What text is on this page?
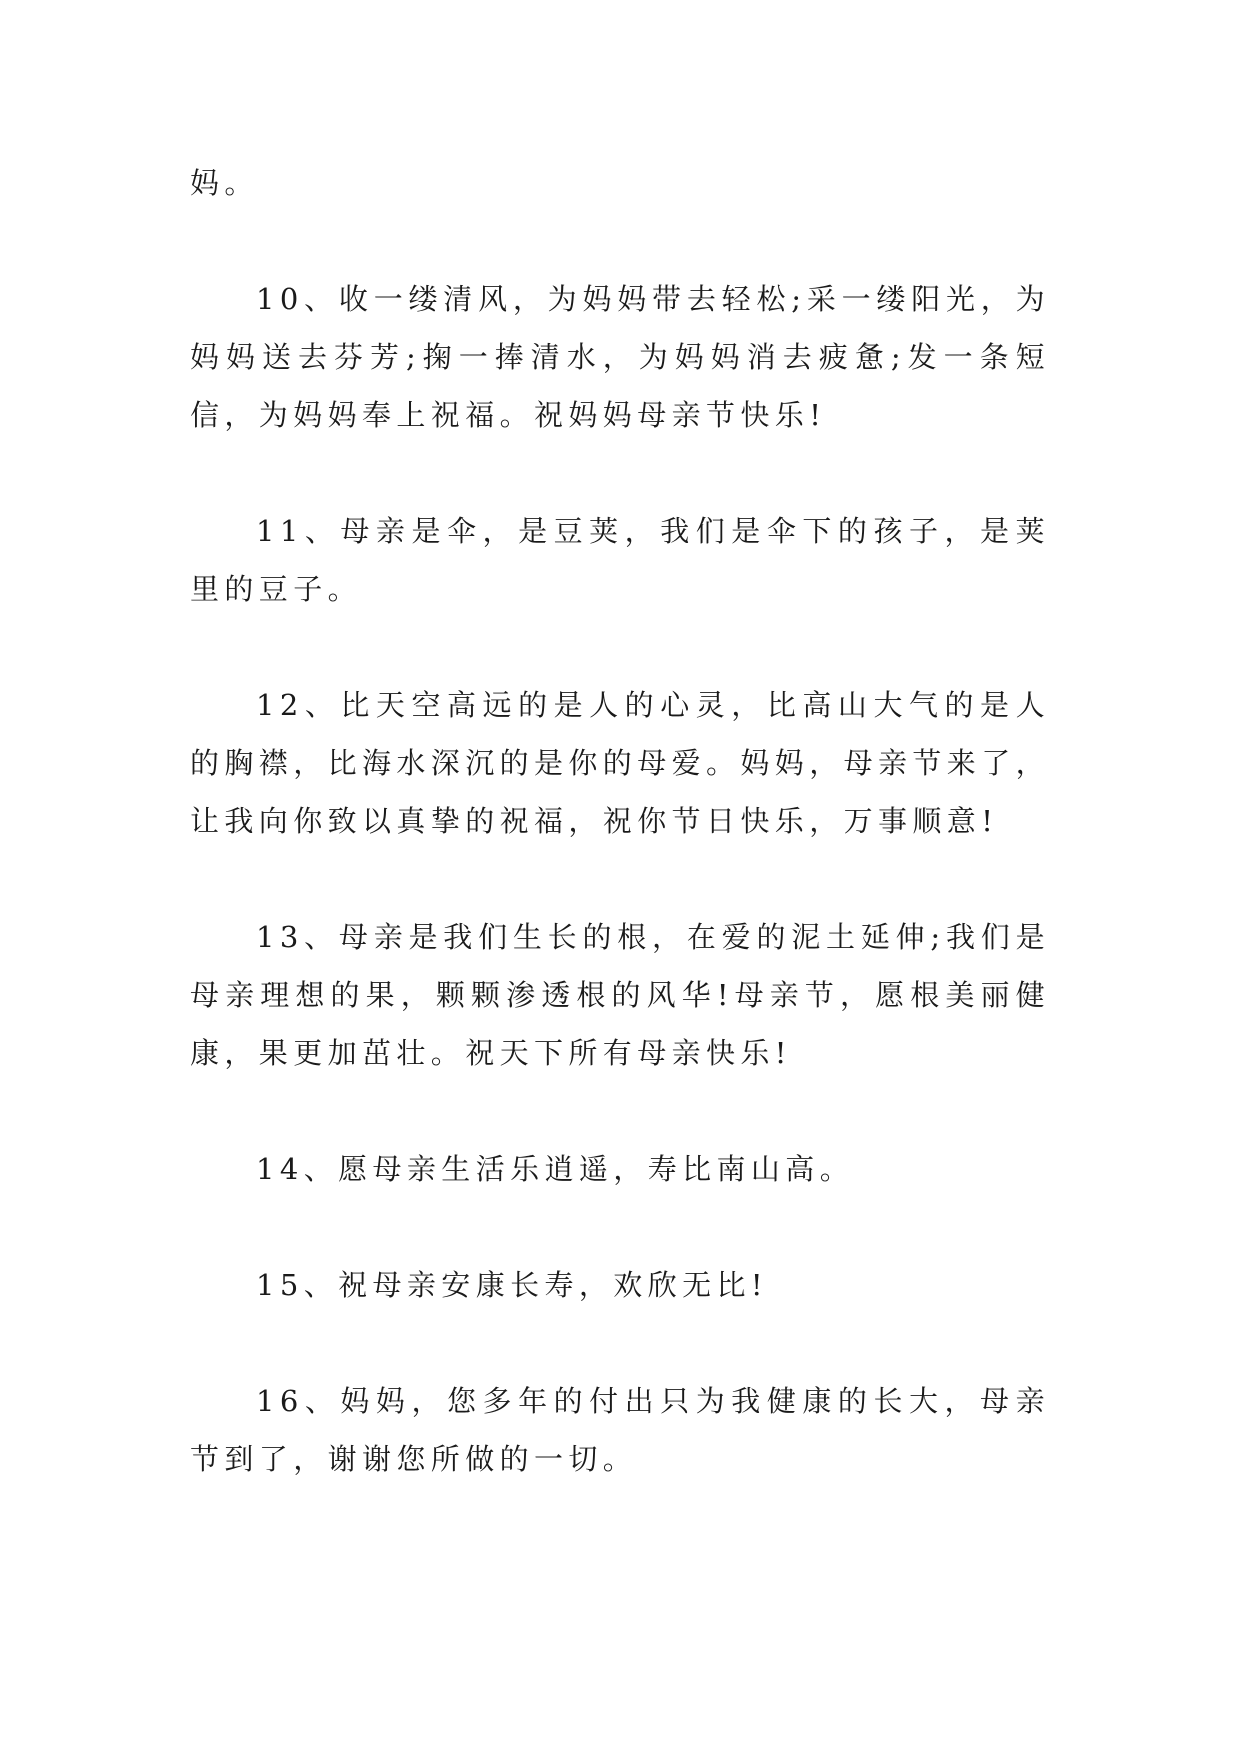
妈。

10、收一缕清风，为妈妈带去轻松;采一缕阳光，为妈妈送去芬芳;掬一捧清水，为妈妈消去疲惫;发一条短信，为妈妈奉上祝福。祝妈妈母亲节快乐!

11、母亲是伞，是豆荚，我们是伞下的孩子，是荚里的豆子。

12、比天空高远的是人的心灵，比高山大气的是人的胸襟，比海水深沉的是你的母爱。妈妈，母亲节来了，让我向你致以真挚的祝福，祝你节日快乐，万事顺意!

13、母亲是我们生长的根，在爱的泥土延伸;我们是母亲理想的果，颗颗渗透根的风华!母亲节，愿根美丽健康，果更加茁壮。祝天下所有母亲快乐!

14、愿母亲生活乐逍遥，寿比南山高。

15、祝母亲安康长寿，欢欣无比!

16、妈妈，您多年的付出只为我健康的长大，母亲节到了，谢谢您所做的一切。
